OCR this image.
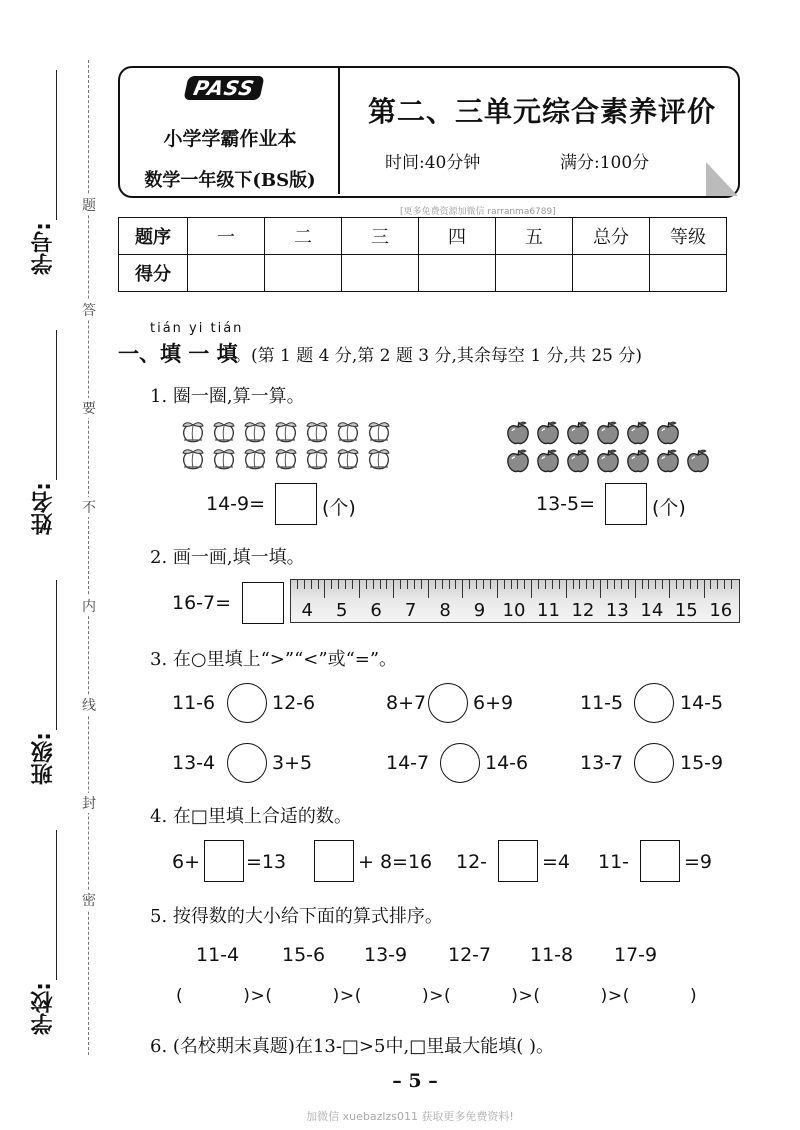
学号:
姓名:
班级:
学校:
题
答
要
不
内
线
封
密
PASS
小学学霸作业本
数学一年级下(BS版)
第二、三单元综合素养评价
时间:40分钟	满分:100分
[更多免费资源加微信 rarranma6789]
题序	一	二	三	四	五	总分	等级
得分							
tián yi tián
一、填 一 填
。(第 1 题 4 分,第 2 题 3 分,其余每空 1 分,共 25 分)
1. 圈一圈,算一算。
14-9=	(个)	13-5=	(个)
2. 画一画,填一填。
16-7=	4	5	6	7	8	9 10 11 12 13 14 15 16
3. 在○里填上“>”“<”或“=”。
11-6	12-6	8+7 6+9	11-5	14-5
13-4	3+5	14-7	14-6	13-7	15-9
4. 在□里填上合适的数。
6+ =13	+ 8=16 12-	=4 11-	=9
5. 按得数的大小给下面的算式排序。
11-4 15-6 13-9 12-7 11-8 17-9
(          )>(          )>(          )>(          )>(          )>(          )
6. (名校期末真题)在13-□>5中,□里最大能填( )。
– 5 –
加微信 xuebazlzs011 获取更多免费资料!
